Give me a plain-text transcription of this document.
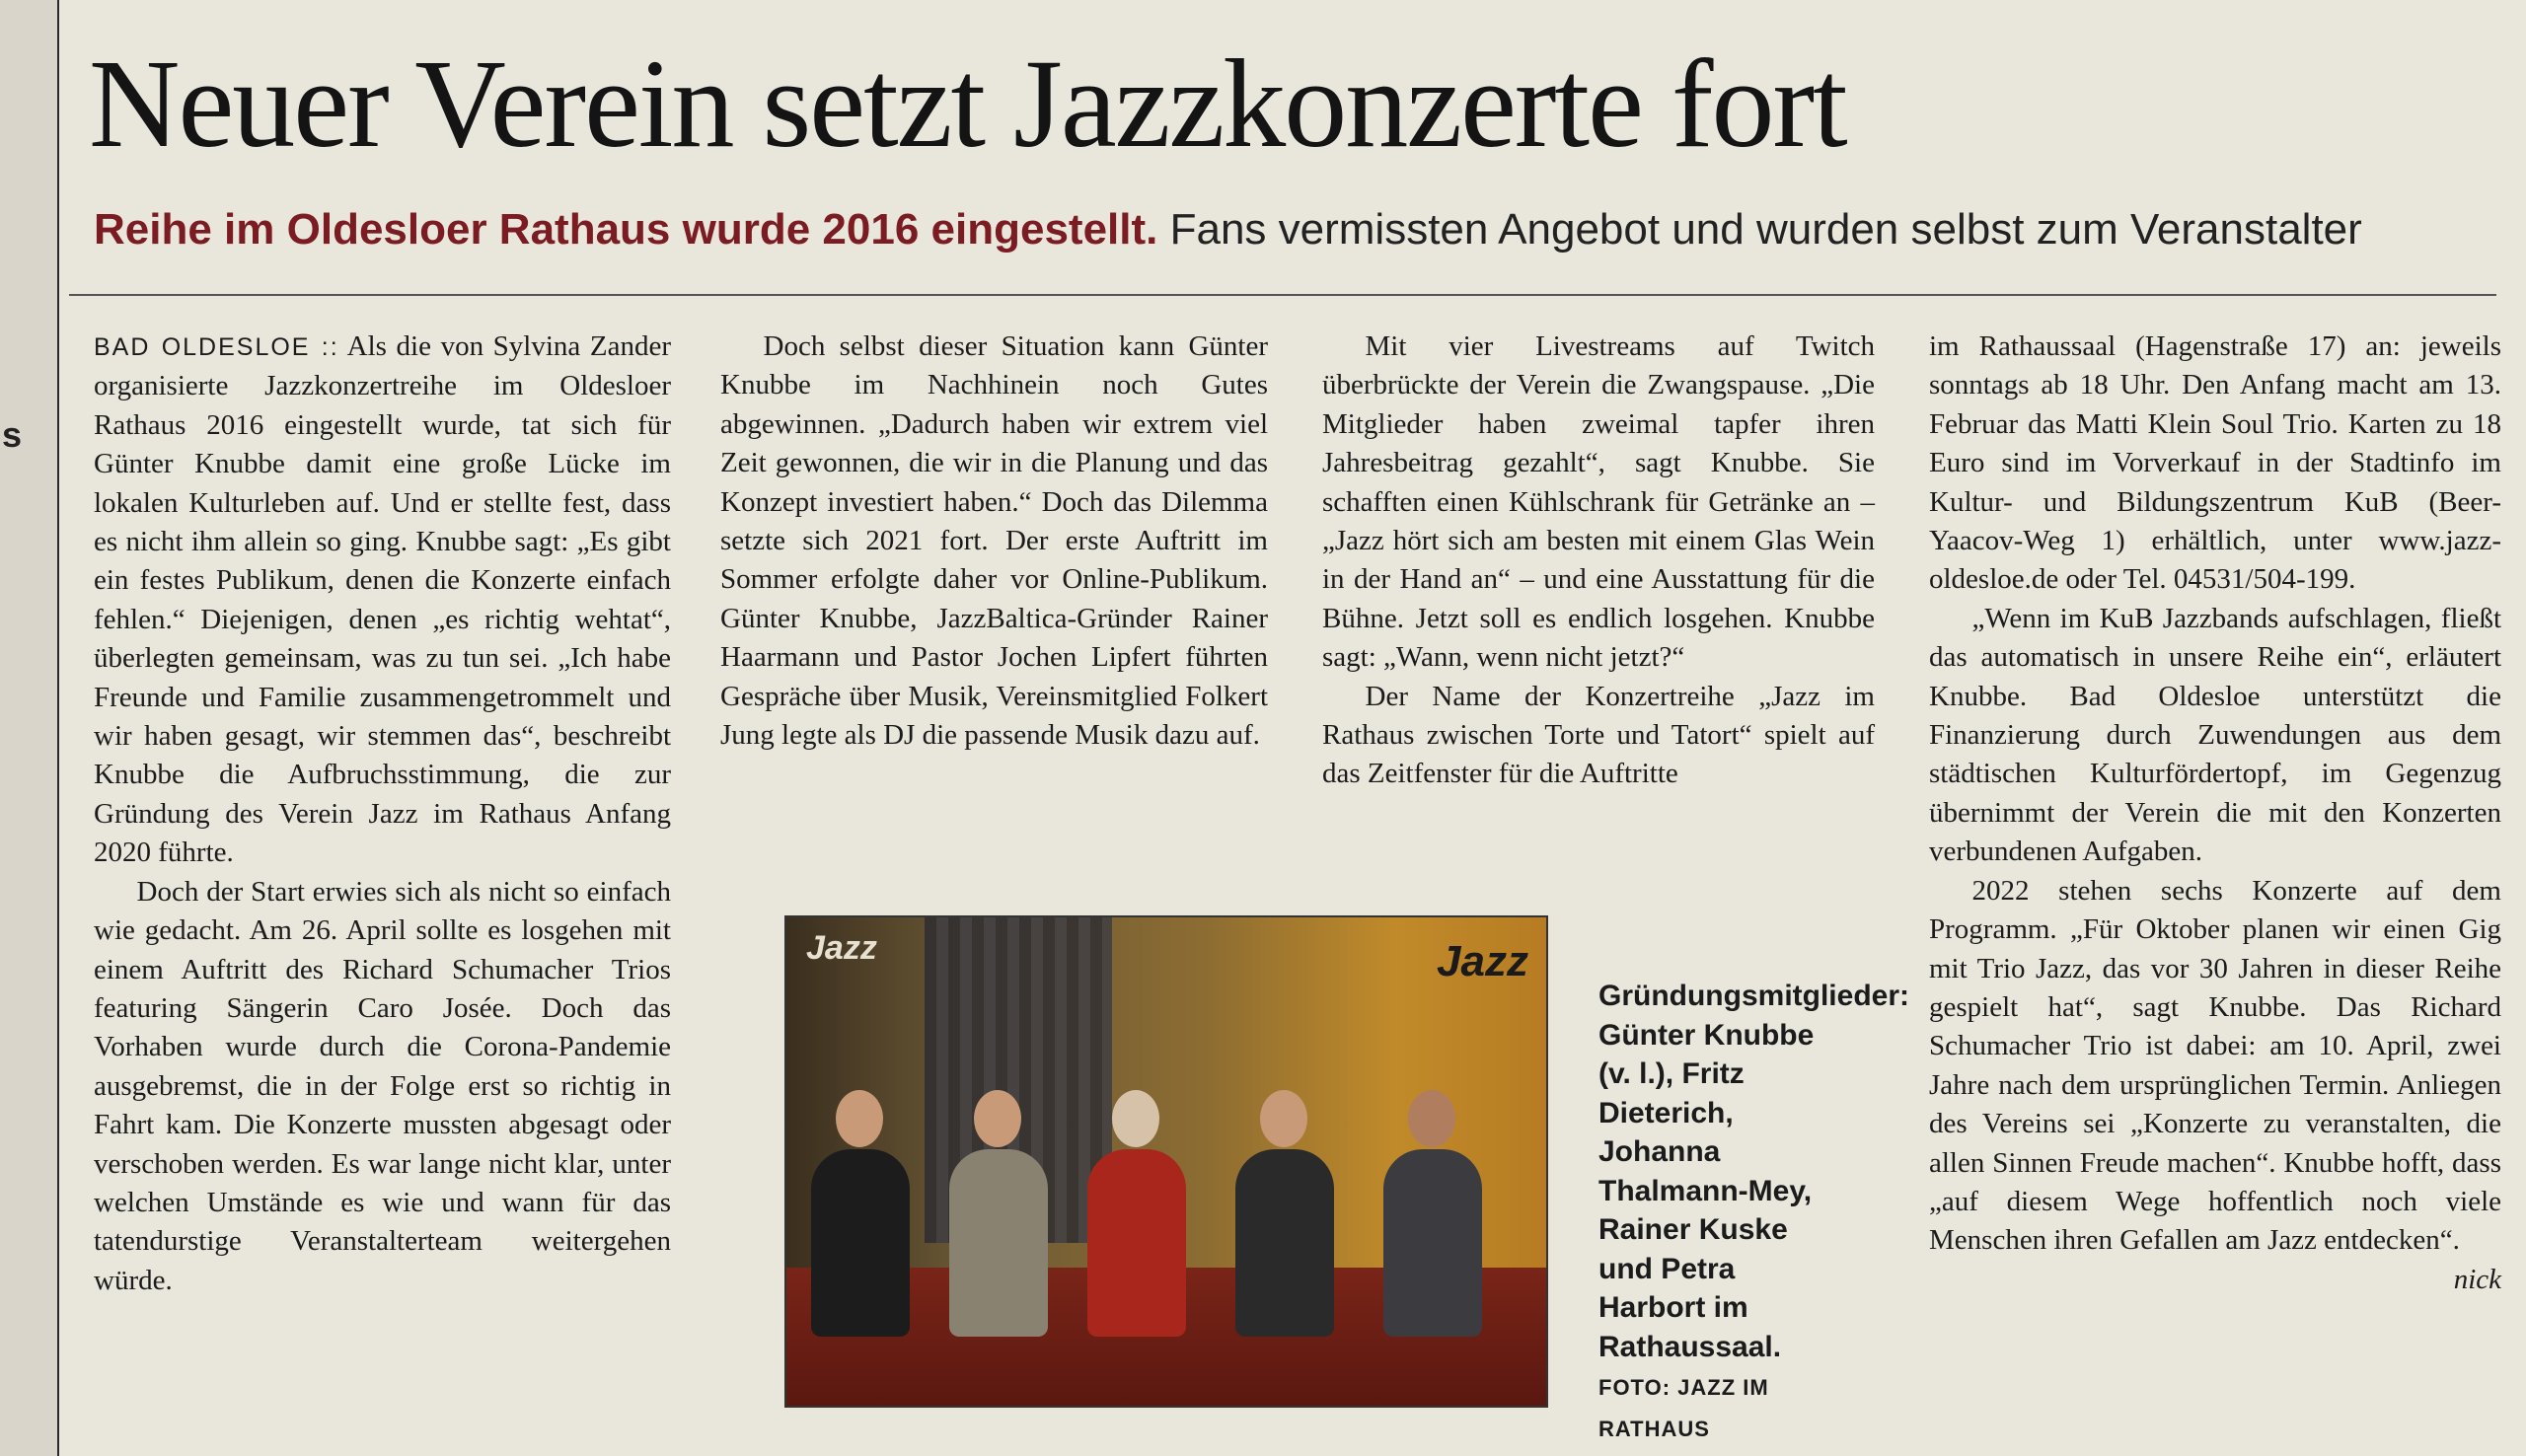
s
Neuer Verein setzt Jazzkonzerte fort
Reihe im Oldesloer Rathaus wurde 2016 eingestellt. Fans vermissten Angebot und wurden selbst zum Veranstalter

BAD OLDESLOE :: Als die von Sylvina Zander organisierte Jazzkonzertreihe im Oldesloer Rathaus 2016 eingestellt wurde, tat sich für Günter Knubbe damit eine große Lücke im lokalen Kulturleben auf. Und er stellte fest, dass es nicht ihm allein so ging. Knubbe sagt: „Es gibt ein festes Publikum, denen die Konzerte einfach fehlen.“ Diejenigen, denen „es richtig wehtat“, überlegten gemeinsam, was zu tun sei. „Ich habe Freunde und Familie zusammengetrommelt und wir haben gesagt, wir stemmen das“, beschreibt Knubbe die Aufbruchsstimmung, die zur Gründung des Verein Jazz im Rathaus Anfang 2020 führte.

Doch der Start erwies sich als nicht so einfach wie gedacht. Am 26. April sollte es losgehen mit einem Auftritt des Richard Schumacher Trios featuring Sängerin Caro Josée. Doch das Vorhaben wurde durch die Corona-Pandemie ausgebremst, die in der Folge erst so richtig in Fahrt kam. Die Konzerte mussten abgesagt oder verschoben werden. Es war lange nicht klar, unter welchen Umstände es wie und wann für das tatendurstige Veranstalterteam weitergehen würde.

Doch selbst dieser Situation kann Günter Knubbe im Nachhinein noch Gutes abgewinnen. „Dadurch haben wir extrem viel Zeit gewonnen, die wir in die Planung und das Konzept investiert haben.“ Doch das Dilemma setzte sich 2021 fort. Der erste Auftritt im Sommer erfolgte daher vor Online-Publikum. Günter Knubbe, JazzBaltica-Gründer Rainer Haarmann und Pastor Jochen Lipfert führten Gespräche über Musik, Vereinsmitglied Folkert Jung legte als DJ die passende Musik dazu auf.

Mit vier Livestreams auf Twitch überbrückte der Verein die Zwangspause. „Die Mitglieder haben zweimal tapfer ihren Jahresbeitrag gezahlt“, sagt Knubbe. Sie schafften einen Kühlschrank für Getränke an – „Jazz hört sich am besten mit einem Glas Wein in der Hand an“ – und eine Ausstattung für die Bühne. Jetzt soll es endlich losgehen. Knubbe sagt: „Wann, wenn nicht jetzt?“

Der Name der Konzertreihe „Jazz im Rathaus zwischen Torte und Tatort“ spielt auf das Zeitfenster für die Auftritte

im Rathaussaal (Hagenstraße 17) an: jeweils sonntags ab 18 Uhr. Den Anfang macht am 13. Februar das Matti Klein Soul Trio. Karten zu 18 Euro sind im Vorverkauf in der Stadtinfo im Kultur- und Bildungszentrum KuB (Beer-Yaacov-Weg 1) erhältlich, unter www.jazz-oldesloe.de oder Tel. 04531/504-199.

„Wenn im KuB Jazzbands aufschlagen, fließt das automatisch in unsere Reihe ein“, erläutert Knubbe. Bad Oldesloe unterstützt die Finanzierung durch Zuwendungen aus dem städtischen Kulturfördertopf, im Gegenzug übernimmt der Verein die mit den Konzerten verbundenen Aufgaben.

2022 stehen sechs Konzerte auf dem Programm. „Für Oktober planen wir einen Gig mit Trio Jazz, das vor 30 Jahren in dieser Reihe gespielt hat“, sagt Knubbe. Das Richard Schumacher Trio ist dabei: am 10. April, zwei Jahre nach dem ursprünglichen Termin. Anliegen des Vereins sei „Konzerte zu veranstalten, die allen Sinnen Freude machen“. Knubbe hofft, dass „auf diesem Wege hoffentlich noch viele Menschen ihren Gefallen am Jazz entdecken“.

nick

Jazz	Jazz
Gründungsmitglieder: Günter Knubbe (v. l.), Fritz Dieterich, Johanna Thalmann-Mey, Rainer Kuske und Petra Harbort im Rathaussaal. FOTO: JAZZ IM RATHAUS
